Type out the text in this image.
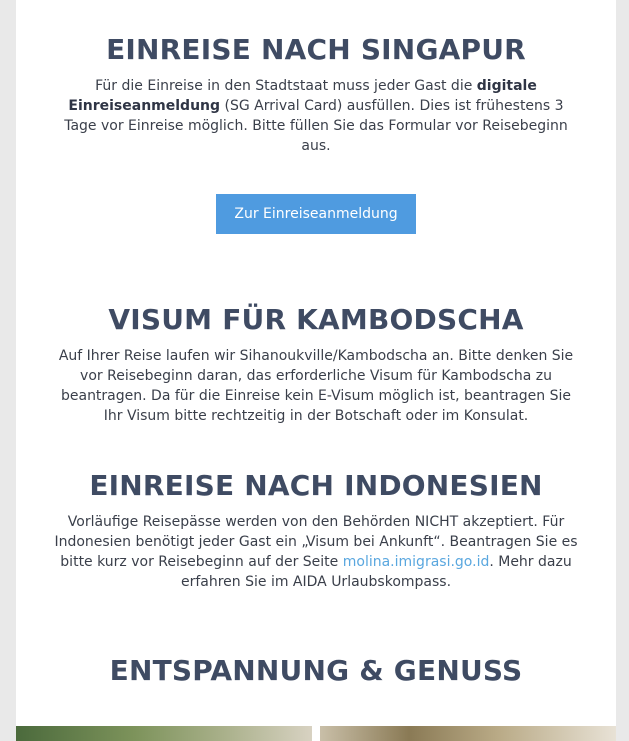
EINREISE NACH SINGAPUR

Für die Einreise in den Stadtstaat muss jeder Gast die digitale Einreiseanmeldung (SG Arrival Card) ausfüllen. Dies ist frühestens 3 Tage vor Einreise möglich. Bitte füllen Sie das Formular vor Reisebeginn aus.

Zur Einreiseanmeldung
VISUM FÜR KAMBODSCHA

Auf Ihrer Reise laufen wir Sihanoukville/Kambodscha an. Bitte denken Sie vor Reisebeginn daran, das erforderliche Visum für Kambodscha zu beantragen. Da für die Einreise kein E-Visum möglich ist, beantragen Sie Ihr Visum bitte rechtzeitig in der Botschaft oder im Konsulat.

EINREISE NACH INDONESIEN

Vorläufige Reisepässe werden von den Behörden NICHT akzeptiert. Für Indonesien benötigt jeder Gast ein „Visum bei Ankunft“. Beantragen Sie es bitte kurz vor Reisebeginn auf der Seite molina.imigrasi.go.id. Mehr dazu erfahren Sie im AIDA Urlaubskompass.

ENTSPANNUNG & GENUSS
